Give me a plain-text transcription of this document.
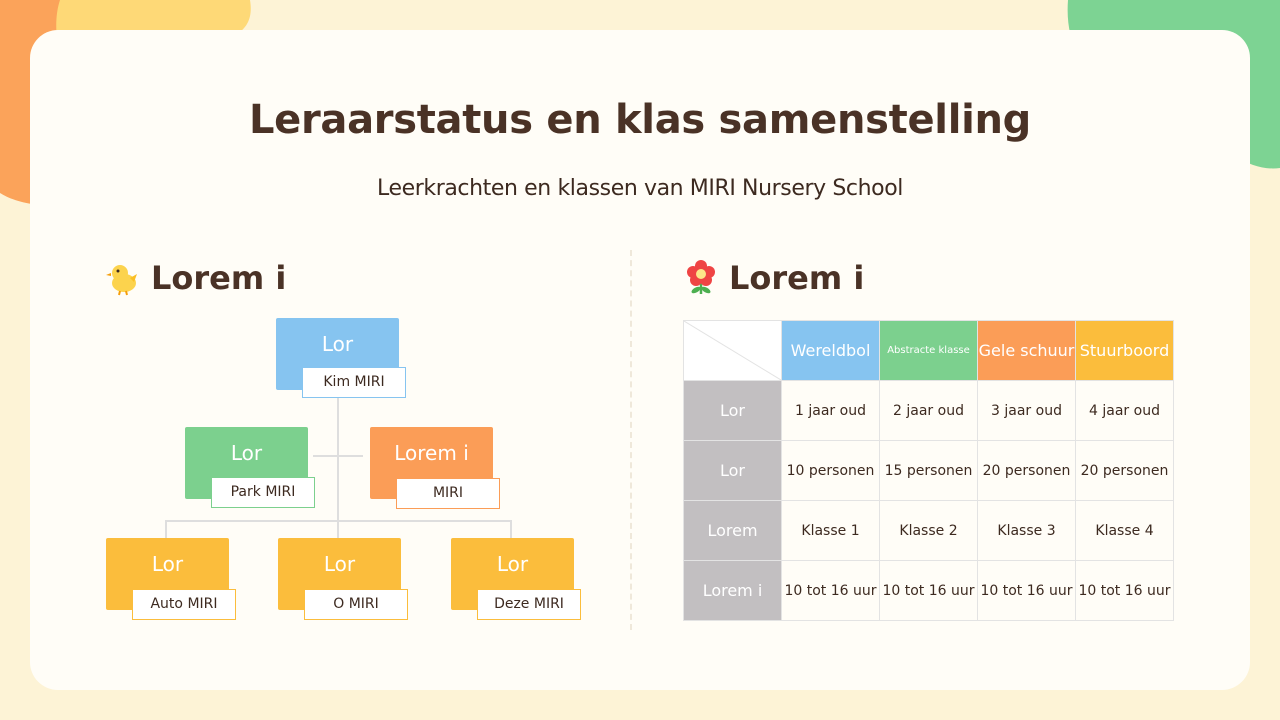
Leraarstatus en klas samenstelling
Leerkrachten en klassen van MIRI Nursery School
Lorem i	Lorem i
Lor
Kim MIRI
Lor
Park MIRI
Lorem i
MIRI
Lor
Auto MIRI
Lor
O MIRI
Lor
Deze MIRI
	Wereldbol	Abstracte klasse	Gele schuur	Stuurboord
Lor	1 jaar oud	2 jaar oud	3 jaar oud	4 jaar oud
Lor	10 personen	15 personen	20 personen	20 personen
Lorem	Klasse 1	Klasse 2	Klasse 3	Klasse 4
Lorem i	10 tot 16 uur	10 tot 16 uur	10 tot 16 uur	10 tot 16 uur
